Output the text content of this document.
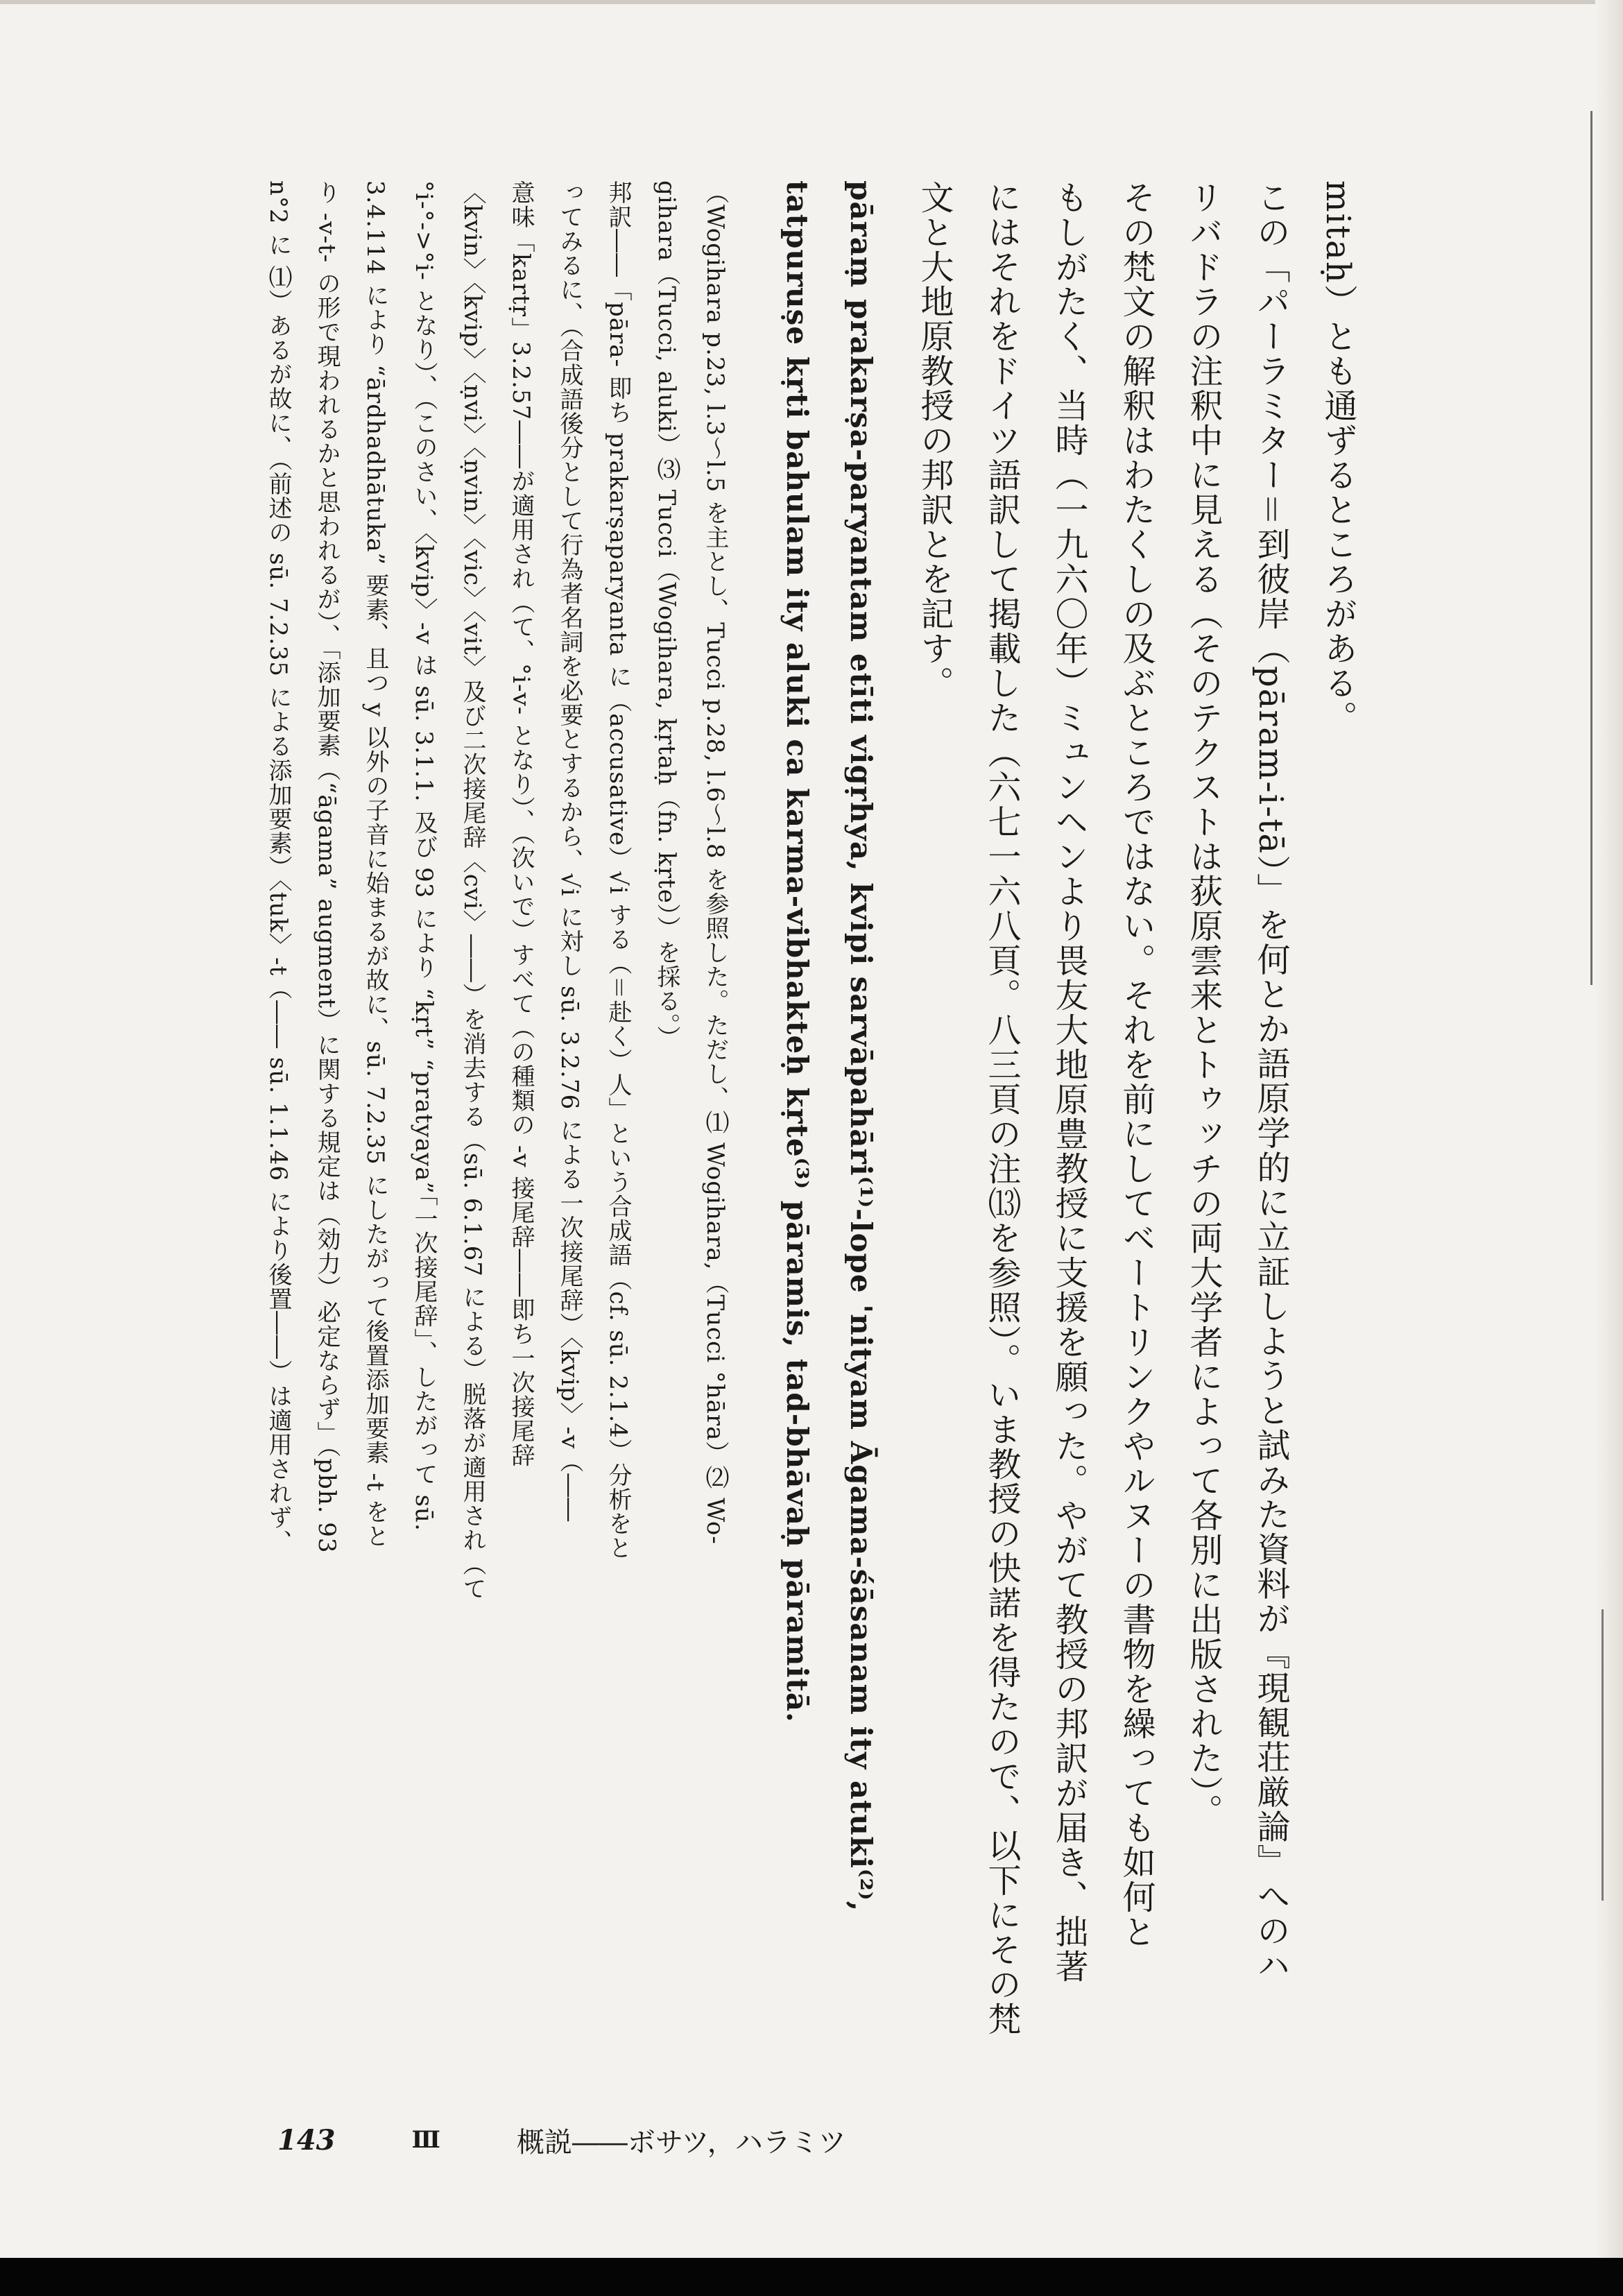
mitaḥ）とも通ずるところがある。
この「パーラミター＝到彼岸（pāram-i-tā）」を何とか語原学的に立証しようと試みた資料が『現観荘厳論』へのハ
リバドラの注釈中に見える（そのテクストは荻原雲来とトゥッチの両大学者によって各別に出版された）。
その梵文の解釈はわたくしの及ぶところではない。それを前にしてベートリンクやルヌーの書物を繰っても如何と
もしがたく、当時（一九六〇年）ミュンヘンより畏友大地原豊教授に支援を願った。やがて教授の邦訳が届き、拙著
にはそれをドイツ語訳して掲載した（六七一六八頁。八三頁の注⒀を参照）。いま教授の快諾を得たので、以下にその梵
文と大地原教授の邦訳とを記す。
pāraṃ prakarṣa-paryantam etīti vigṛhya, kvipi sarvāpahāri⁽¹⁾-lope 'nityam Āgama-śāsanam ity atuki⁽²⁾,
tatpuruṣe kṛti bahulam ity aluki ca karma-vibhakteḥ kṛte⁽³⁾ pāramis, tad-bhāvaḥ pāramitā.
（Wogihara p.23, l.3〜l.5 を主とし、Tucci p.28, l.6〜l.8 を参照した。ただし、⑴ Wogihara,（Tucci °hāra）⑵ Wo-
gihara（Tucci, aluki）⑶ Tucci（Wogihara, kṛtaḥ（fn. kṛte））を採る。）
邦訳――「pāra- 即ち prakarṣaparyanta に（accusative）√i する（＝赴く）人」という合成語（cf. sū. 2.1.4）分析をと
ってみるに、（合成語後分として行為者名詞を必要とするから、√i に対し sū. 3.2.76 による一次接尾辞）〈kvip〉-v（――
意味「kartṛ」3.2.57――が適用され（て、°i-v- となり）、（次いで）すべて（の種類の -v 接尾辞――即ち一次接尾辞
〈kvin〉〈kvip〉〈ṇvi〉〈ṇvin〉〈vic〉〈vit〉及び二次接尾辞〈cvi〉――）を消去する（sū. 6.1.67 による）脱落が適用され（て
°i-°->°i- となり）、（このさい、〈kvip〉-v は sū. 3.1.1. 及び 93 により “kṛt” “pratyaya”「一次接尾辞」、したがって sū.
3.4.114 により “ārdhadhātuka” 要素、且つ y 以外の子音に始まるが故に、sū. 7.2.35 にしたがって後置添加要素 -t をと
り -v-t- の形で現われるかと思われるが）、「添加要素（“āgama” augment）に関する規定は（効力）必定ならず」（pbh. 93
n°2 に ⑴）あるが故に、（前述の sū. 7.2.35 による添加要素）〈tuk〉-t（―― sū. 1.1.46 により後置――）は適用されず、
143	Ⅲ	概説――ボサツ，ハラミツ
